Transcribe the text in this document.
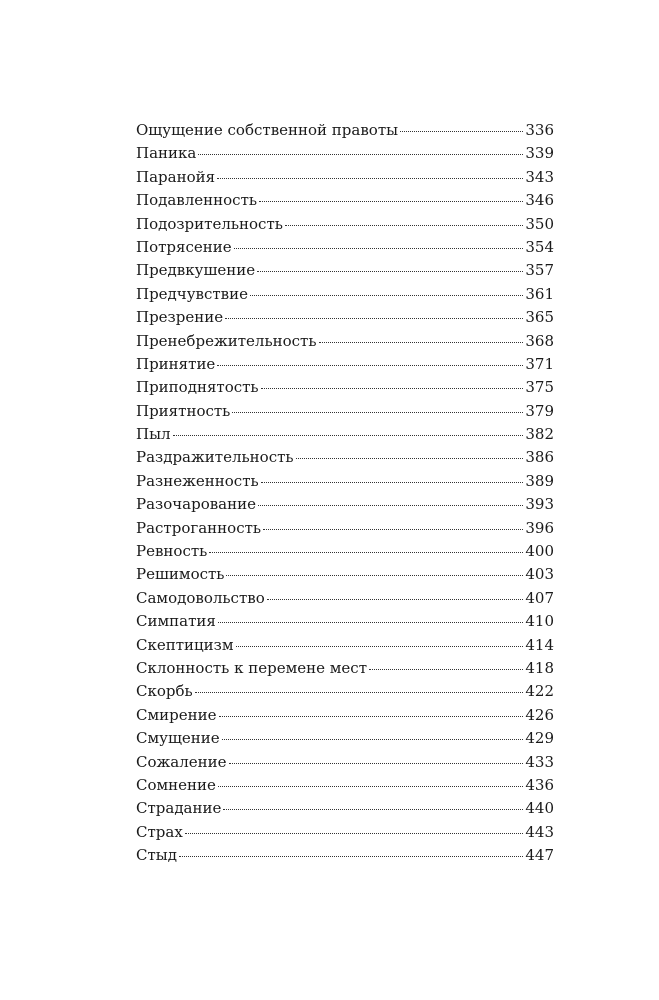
Ощущение собственной правоты	336
Паника	339
Паранойя	343
Подавленность	346
Подозрительность	350
Потрясение	354
Предвкушение	357
Предчувствие	361
Презрение	365
Пренебрежительность	368
Принятие	371
Приподнятость	375
Приятность	379
Пыл	382
Раздражительность	386
Разнеженность	389
Разочарование	393
Растроганность	396
Ревность	400
Решимость	403
Самодовольство	407
Симпатия	410
Скептицизм	414
Склонность к перемене мест	418
Скорбь	422
Смирение	426
Смущение	429
Сожаление	433
Сомнение	436
Страдание	440
Страх	443
Стыд	447
